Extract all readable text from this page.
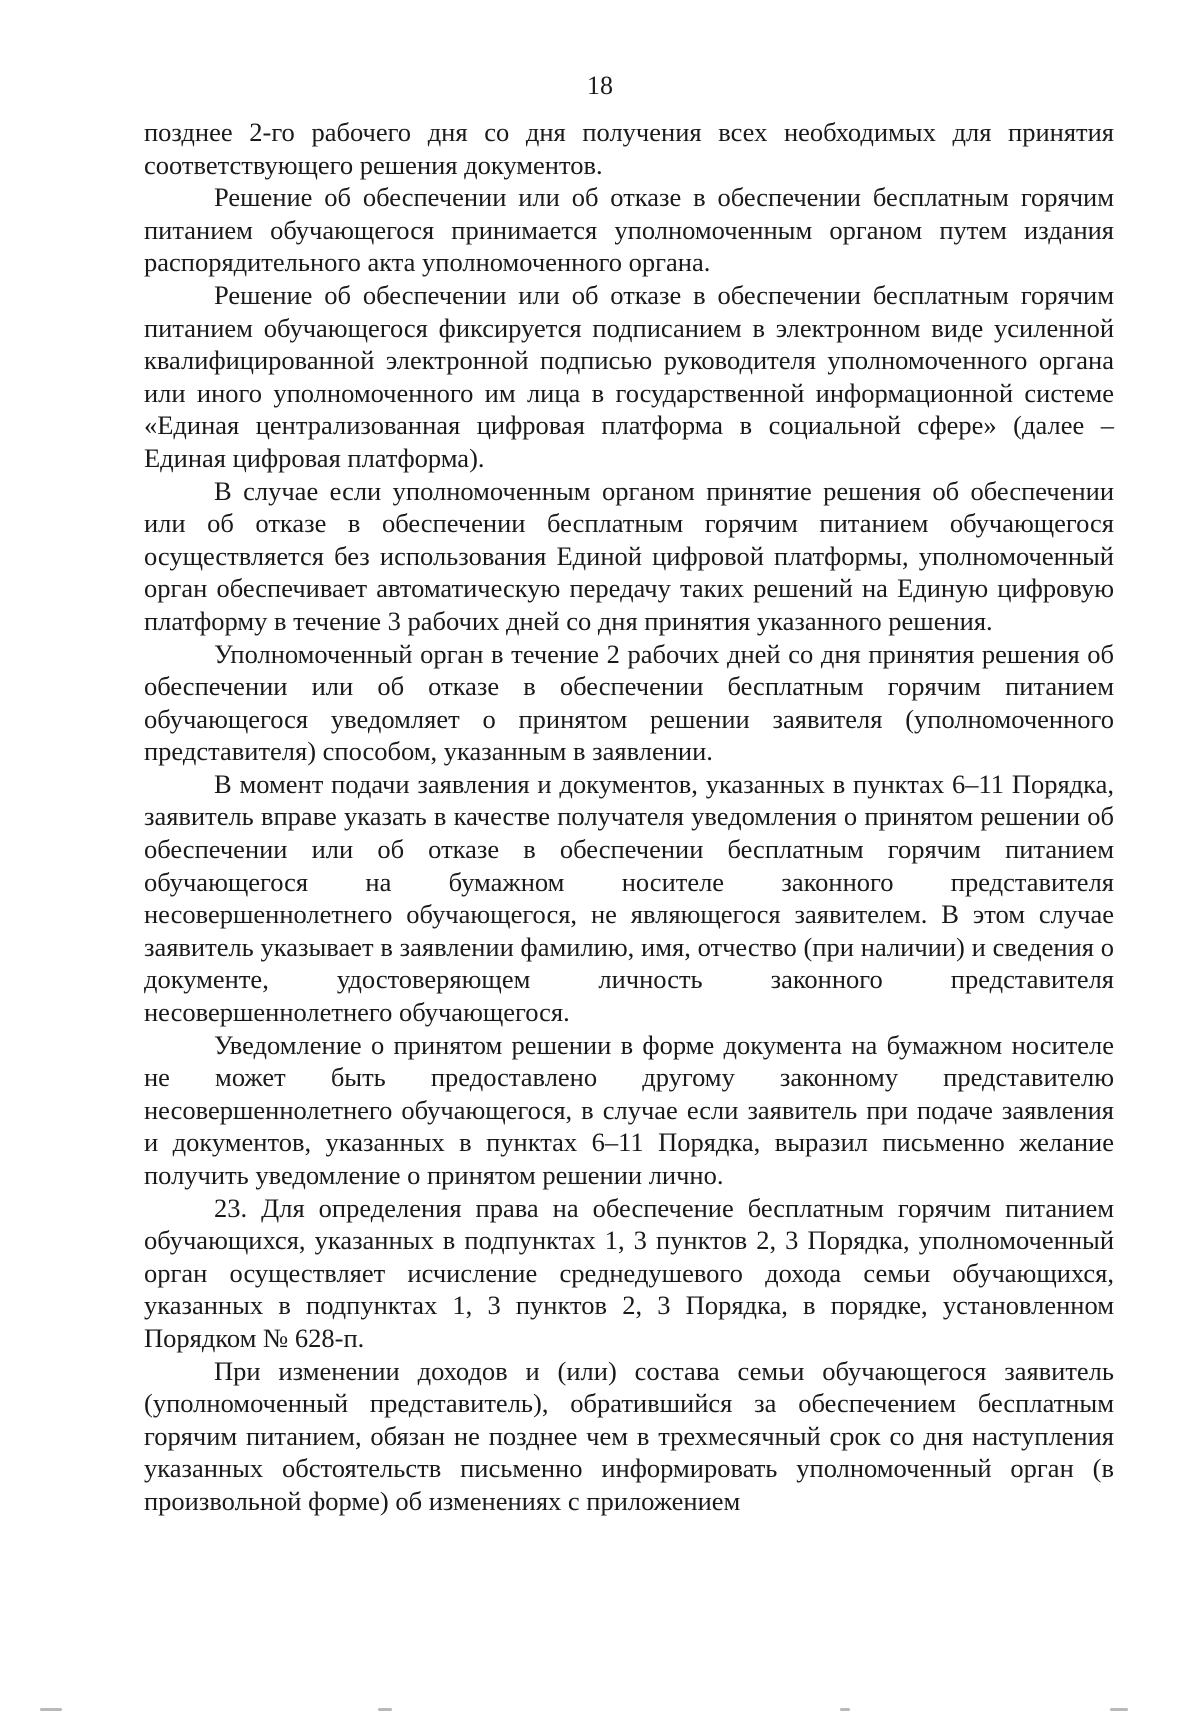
18

позднее 2-го рабочего дня со дня получения всех необходимых для принятия соответствующего решения документов.

Решение об обеспечении или об отказе в обеспечении бесплатным горячим питанием обучающегося принимается уполномоченным органом путем издания распорядительного акта уполномоченного органа.

Решение об обеспечении или об отказе в обеспечении бесплатным горячим питанием обучающегося фиксируется подписанием в электронном виде усиленной квалифицированной электронной подписью руководителя уполномоченного органа или иного уполномоченного им лица в государственной информационной системе «Единая централизованная цифровая платформа в социальной сфере» (далее – Единая цифровая платформа).

В случае если уполномоченным органом принятие решения об обеспечении или об отказе в обеспечении бесплатным горячим питанием обучающегося осуществляется без использования Единой цифровой платформы, уполномоченный орган обеспечивает автоматическую передачу таких решений на Единую цифровую платформу в течение 3 рабочих дней со дня принятия указанного решения.

Уполномоченный орган в течение 2 рабочих дней со дня принятия решения об обеспечении или об отказе в обеспечении бесплатным горячим питанием обучающегося уведомляет о принятом решении заявителя (уполномоченного представителя) способом, указанным в заявлении.

В момент подачи заявления и документов, указанных в пунктах 6–11 Порядка, заявитель вправе указать в качестве получателя уведомления о принятом решении об обеспечении или об отказе в обеспечении бесплатным горячим питанием обучающегося на бумажном носителе законного представителя несовершеннолетнего обучающегося, не являющегося заявителем. В этом случае заявитель указывает в заявлении фамилию, имя, отчество (при наличии) и сведения о документе, удостоверяющем личность законного представителя несовершеннолетнего обучающегося.

Уведомление о принятом решении в форме документа на бумажном носителе не может быть предоставлено другому законному представителю несовершеннолетнего обучающегося, в случае если заявитель при подаче заявления и документов, указанных в пунктах 6–11 Порядка, выразил письменно желание получить уведомление о принятом решении лично.

23. Для определения права на обеспечение бесплатным горячим питанием обучающихся, указанных в подпунктах 1, 3 пунктов 2, 3 Порядка, уполномоченный орган осуществляет исчисление среднедушевого дохода семьи обучающихся, указанных в подпунктах 1, 3 пунктов 2, 3 Порядка, в порядке, установленном Порядком № 628-п.

При изменении доходов и (или) состава семьи обучающегося заявитель (уполномоченный представитель), обратившийся за обеспечением бесплатным горячим питанием, обязан не позднее чем в трехмесячный срок со дня наступления указанных обстоятельств письменно информировать уполномоченный орган (в произвольной форме) об изменениях с приложением
